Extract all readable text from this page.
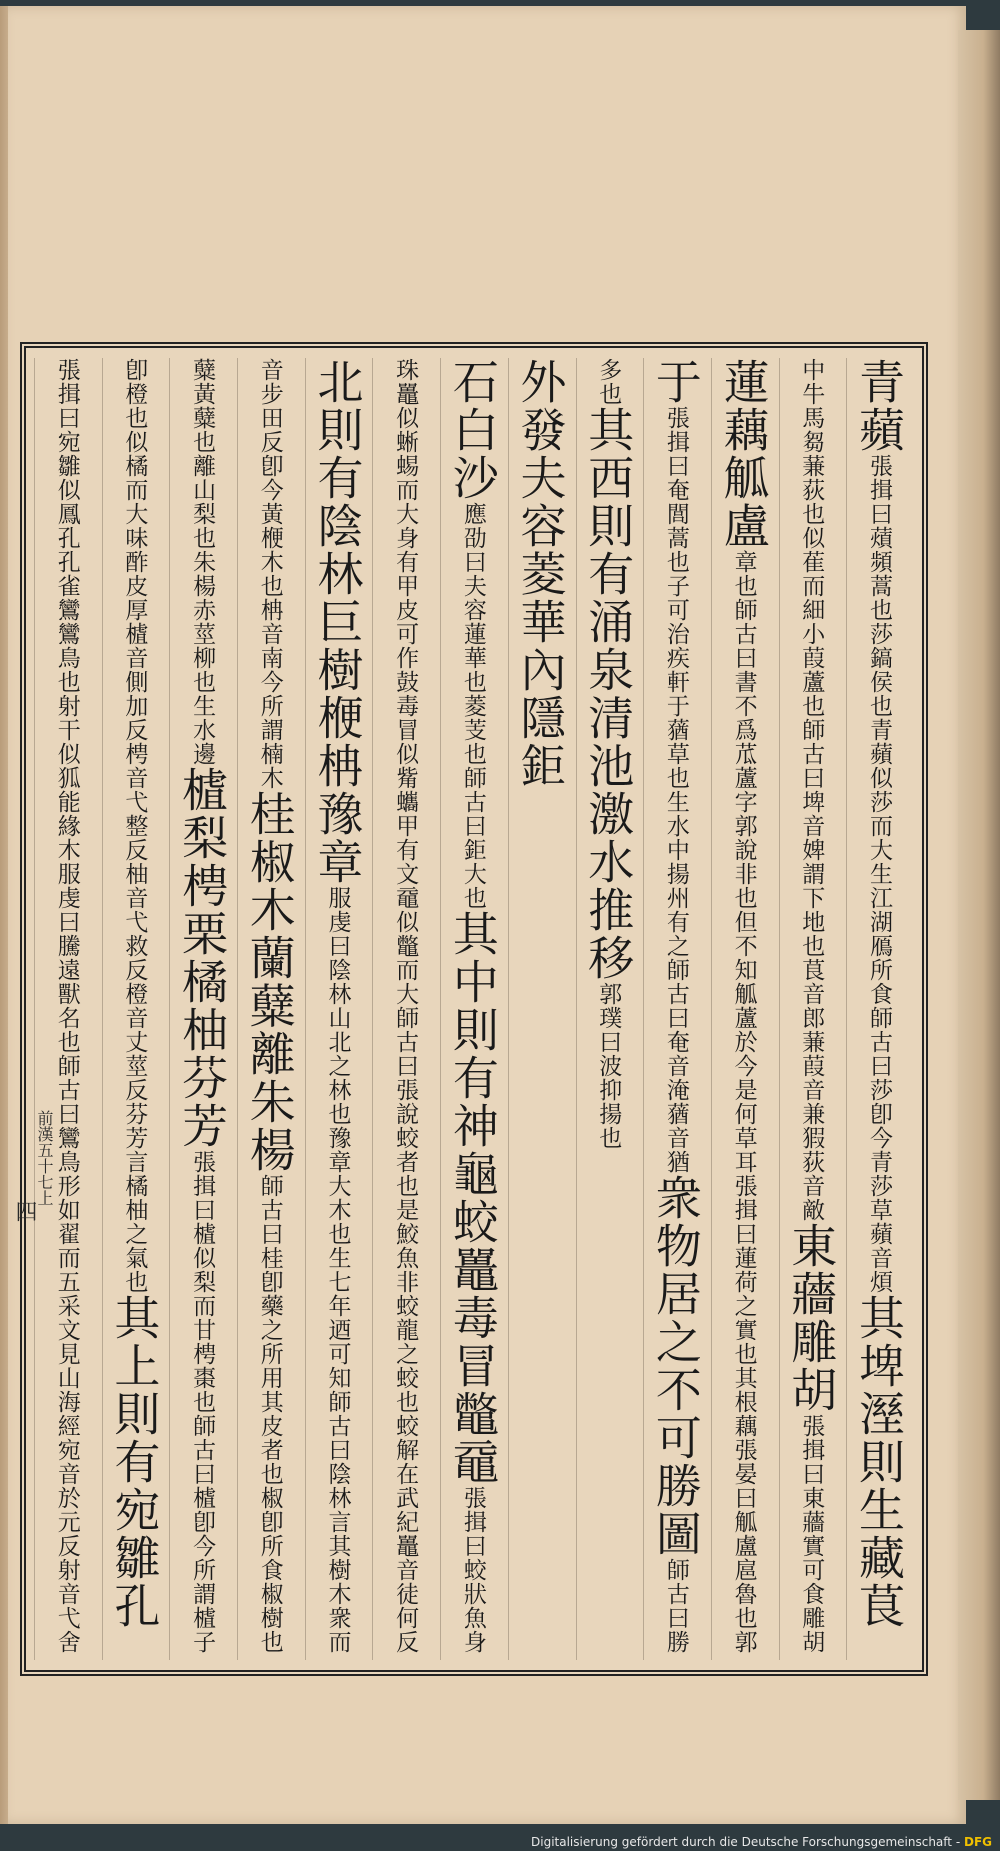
青蘋張揖曰薠頻蒿也莎鎬侯也青蘋似莎而大生江湖鴈所食師古曰莎卽今青莎草蘋音煩其埤溼則生藏茛
中牛馬芻蒹荻也似萑而細小葭蘆也師古曰埤音婢謂下地也茛音郎蒹葭音兼猳荻音敵東蘠雕胡張揖曰東蘠實可食雕胡
蓮藕觚盧章也師古曰書不爲苽蘆字郭說非也但不知觚蘆於今是何草耳張揖曰蓮荷之實也其根藕張晏曰觚盧扈魯也郭
于張揖曰奄閭蒿也子可治疾軒于蕕草也生水中揚州有之師古曰奄音淹蕕音猶衆物居之不可勝圖師古曰勝
多也其西則有涌泉清池激水推移郭璞曰波抑揚也
外發夫容菱華內隱鉅
石白沙應劭曰夫容蓮華也菱芰也師古曰鉅大也其中則有神龜蛟鼉毒冒鼈黿張揖曰蛟狀魚身
珠鼉似蜥蜴而大身有甲皮可作鼓毒冒似觜蠵甲有文黿似鼈而大師古曰張說蛟者也是鮫魚非蛟龍之蛟也蛟解在武紀鼉音徒何反
北則有陰林巨樹楩柟豫章服虔曰陰林山北之林也豫章大木也生七年迺可知師古曰陰林言其樹木衆而
音步田反卽今黃楩木也柟音南今所謂楠木桂椒木蘭糵離朱楊師古曰桂卽藥之所用其皮者也椒卽所食椒樹也
糵黃糵也離山梨也朱楊赤莖柳也生水邊樝梨梬栗橘柚芬芳張揖曰樝似梨而甘梬棗也師古曰樝卽今所謂樝子
卽橙也似橘而大味酢皮厚樝音側加反梬音弋整反柚音弋救反橙音丈莖反芬芳言橘柚之氣也其上則有宛雛孔
張揖曰宛雛似鳳孔孔雀鸞鸞鳥也射干似狐能緣木服虔曰騰遠獸名也師古曰鸞鳥形如翟而五采文見山海經宛音於元反射音弋舍
前漢五十七上
四
Digitalisierung gefördert durch die Deutsche Forschungsgemeinschaft - DFG
